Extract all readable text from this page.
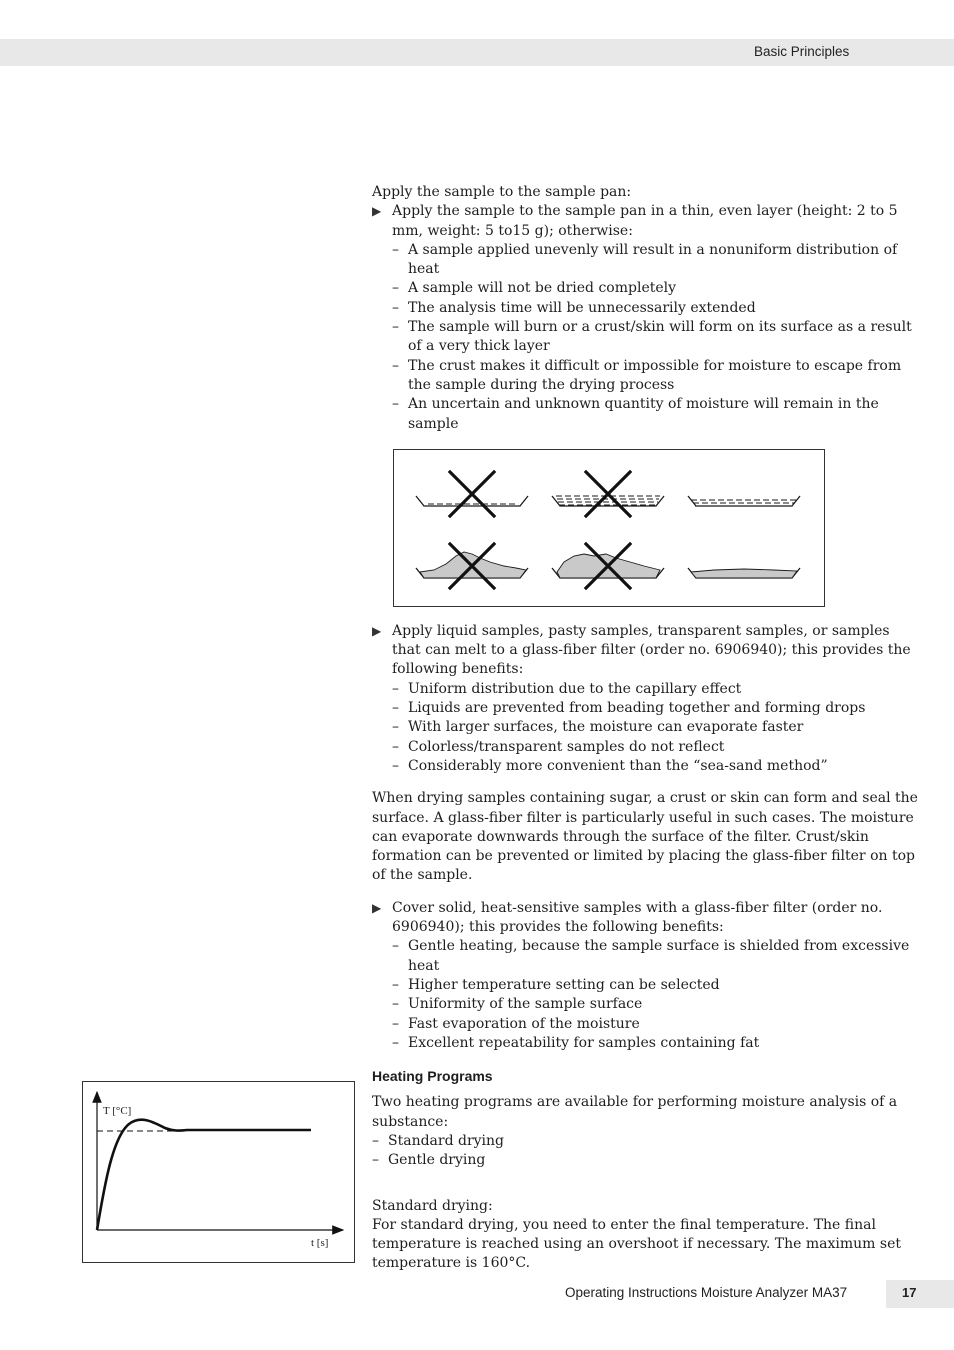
Basic Principles

Apply the sample to the sample pan:

▶ Apply the sample to the sample pan in a thin, even layer (height: 2 to 5 mm, weight: 5 to15 g); otherwise:

– A sample applied unevenly will result in a nonuniform distribution of heat
– A sample will not be dried completely
– The analysis time will be unnecessarily extended
– The sample will burn or a crust/skin will form on its surface as a result of a very thick layer
– The crust makes it difficult or impossible for moisture to escape from the sample during the drying process
– An uncertain and unknown quantity of moisture will remain in the sample
▶ Apply liquid samples, pasty samples, transparent samples, or samples that can melt to a glass-fiber filter (order no. 6906940); this provides the following benefits:

– Uniform distribution due to the capillary effect
– Liquids are prevented from beading together and forming drops
– With larger surfaces, the moisture can evaporate faster
– Colorless/transparent samples do not reflect
– Considerably more convenient than the “sea-sand method”

When drying samples containing sugar, a crust or skin can form and seal the surface. A glass-fiber filter is particularly useful in such cases. The moisture can evaporate downwards through the surface of the filter. Crust/skin formation can be prevented or limited by placing the glass-fiber filter on top of the sample.

▶ Cover solid, heat-sensitive samples with a glass-fiber filter (order no. 6906940); this provides the following benefits:

– Gentle heating, because the sample surface is shielded from excessive heat
– Higher temperature setting can be selected
– Uniformity of the sample surface
– Fast evaporation of the moisture
– Excellent repeatability for samples containing fat

Heating Programs

Two heating programs are available for performing moisture analysis of a substance:

– Standard drying
– Gentle drying

Standard drying:

For standard drying, you need to enter the final temperature. The final temperature is reached using an overshoot if necessary. The maximum set temperature is 160°C.

T [°C]
t [s]
Operating Instructions Moisture Analyzer MA37	17
